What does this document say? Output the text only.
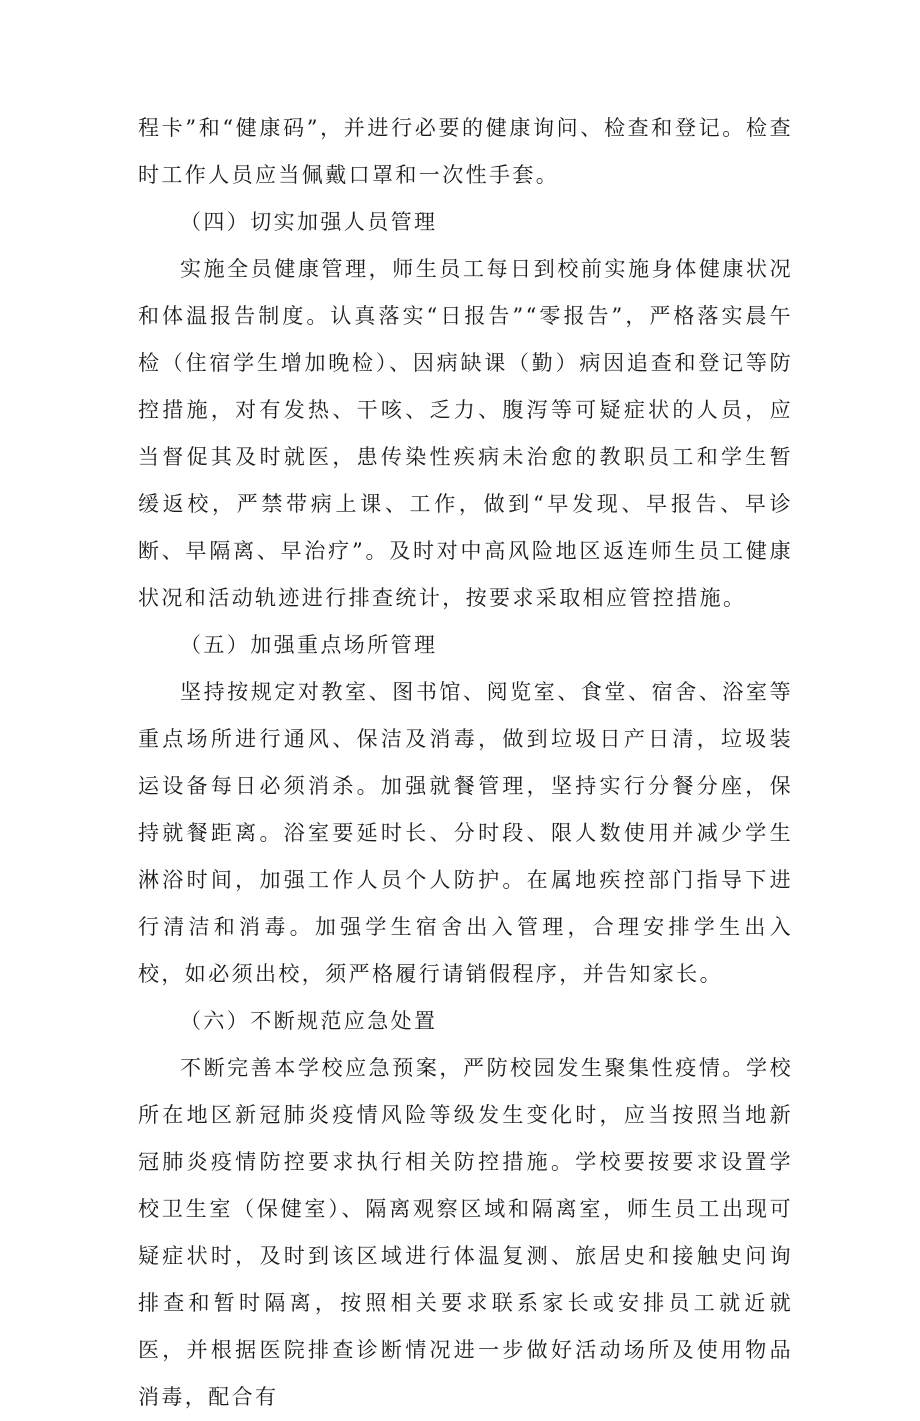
程卡”和“健康码”，并进行必要的健康询问、检查和登记。检查时工作人员应当佩戴口罩和一次性手套。

（四）切实加强人员管理

实施全员健康管理，师生员工每日到校前实施身体健康状况和体温报告制度。认真落实“日报告”“零报告”，严格落实晨午检（住宿学生增加晚检）、因病缺课（勤）病因追查和登记等防控措施，对有发热、干咳、乏力、腹泻等可疑症状的人员，应当督促其及时就医，患传染性疾病未治愈的教职员工和学生暂缓返校，严禁带病上课、工作，做到“早发现、早报告、早诊断、早隔离、早治疗”。及时对中高风险地区返连师生员工健康状况和活动轨迹进行排查统计，按要求采取相应管控措施。

（五）加强重点场所管理

坚持按规定对教室、图书馆、阅览室、食堂、宿舍、浴室等重点场所进行通风、保洁及消毒，做到垃圾日产日清，垃圾装运设备每日必须消杀。加强就餐管理，坚持实行分餐分座，保持就餐距离。浴室要延时长、分时段、限人数使用并减少学生淋浴时间，加强工作人员个人防护。在属地疾控部门指导下进行清洁和消毒。加强学生宿舍出入管理，合理安排学生出入校，如必须出校，须严格履行请销假程序，并告知家长。

（六）不断规范应急处置

不断完善本学校应急预案，严防校园发生聚集性疫情。学校所在地区新冠肺炎疫情风险等级发生变化时，应当按照当地新冠肺炎疫情防控要求执行相关防控措施。学校要按要求设置学校卫生室（保健室）、隔离观察区域和隔离室，师生员工出现可疑症状时，及时到该区域进行体温复测、旅居史和接触史问询排查和暂时隔离，按照相关要求联系家长或安排员工就近就医，并根据医院排查诊断情况进一步做好活动场所及使用物品消毒，配合有
